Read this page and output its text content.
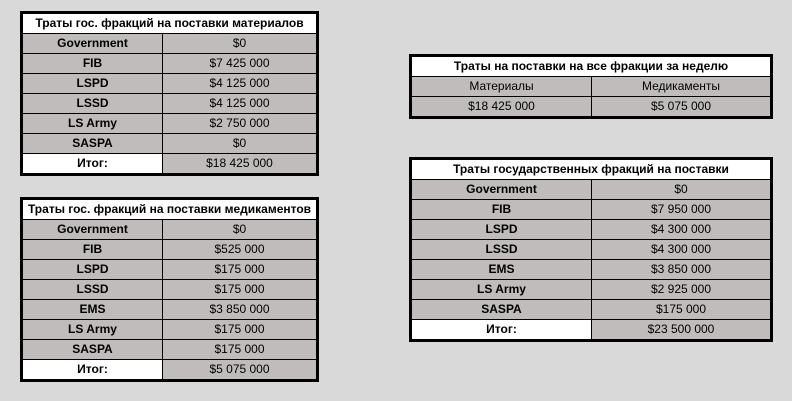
Траты гос. фракций на поставки материалов	
Government	$0
FIB	$7 425 000
LSPD	$4 125 000
LSSD	$4 125 000
LS Army	$2 750 000
SASPA	$0
Итог:	$18 425 000
Траты гос. фракций на поставки медикаментов	
Government	$0
FIB	$525 000
LSPD	$175 000
LSSD	$175 000
EMS	$3 850 000
LS Army	$175 000
SASPA	$175 000
Итог:	$5 075 000
Траты на поставки на все фракции за неделю	
Материалы	Медикаменты
$18 425 000	$5 075 000
Траты государственных фракций на поставки	
Government	$0
FIB	$7 950 000
LSPD	$4 300 000
LSSD	$4 300 000
EMS	$3 850 000
LS Army	$2 925 000
SASPA	$175 000
Итог:	$23 500 000
